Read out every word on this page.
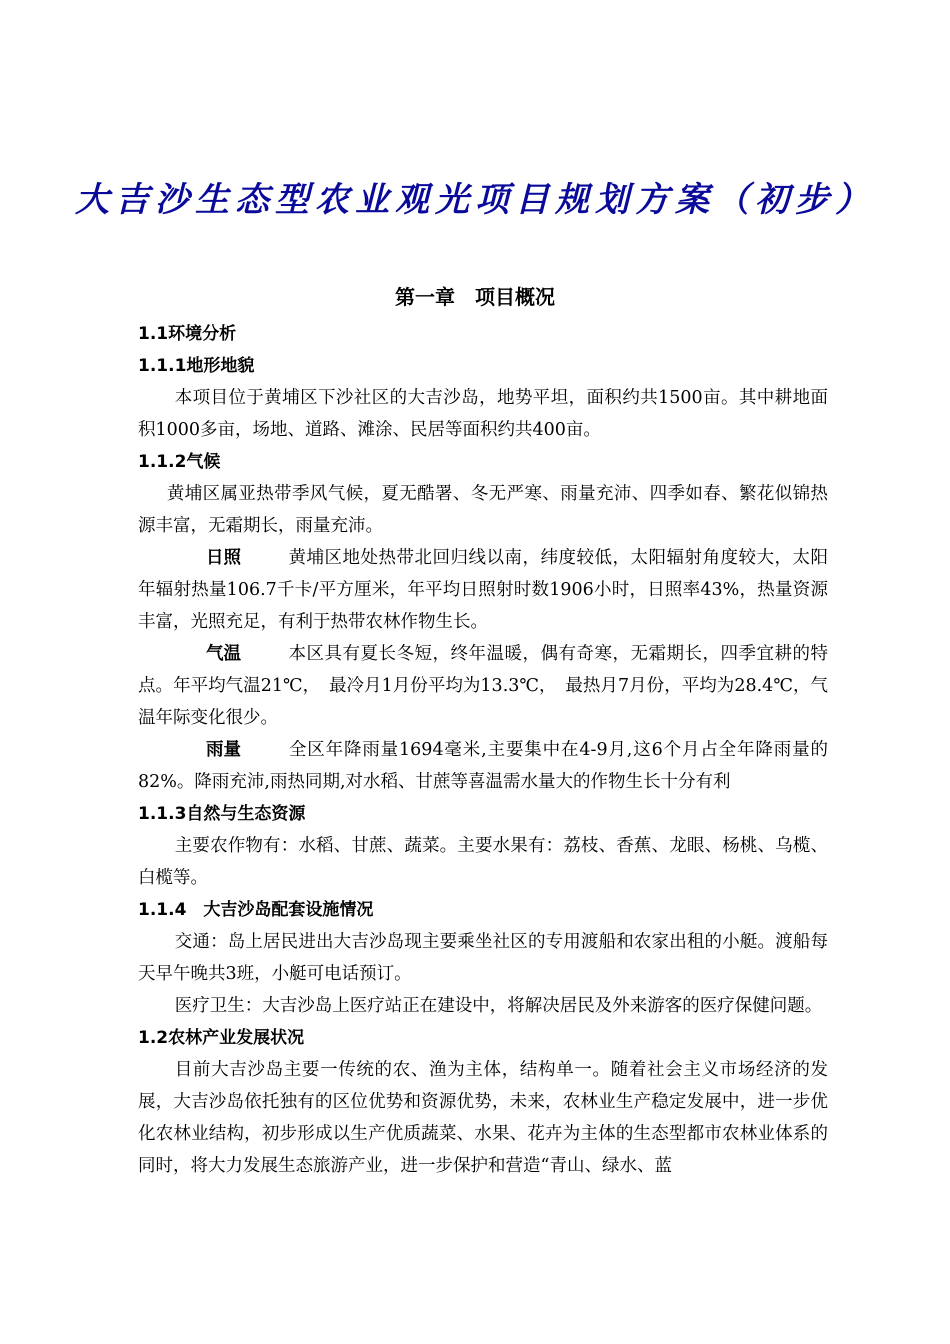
大吉沙生态型农业观光项目规划方案（初步）
第一章　项目概况

1.1环境分析

1.1.1地形地貌

本项目位于黄埔区下沙社区的大吉沙岛，地势平坦，面积约共1500亩。其中耕地面积1000多亩，场地、道路、滩涂、民居等面积约共400亩。

1.1.2气候

黄埔区属亚热带季风气候，夏无酷署、冬无严寒、雨量充沛、四季如春、繁花似锦热源丰富，无霜期长，雨量充沛。

日照	黄埔区地处热带北回归线以南，纬度较低，太阳辐射角度较大，太阳年辐射热量106.7千卡/平方厘米，年平均日照射时数1906小时，日照率43%，热量资源丰富，光照充足，有利于热带农林作物生长。

气温	本区具有夏长冬短，终年温暖，偶有奇寒，无霜期长，四季宜耕的特点。年平均气温21℃，　最冷月1月份平均为13.3℃，　最热月7月份，平均为28.4℃，气温年际变化很少。

雨量	全区年降雨量1694毫米,主要集中在4-9月,这6个月占全年降雨量的82%。降雨充沛,雨热同期,对水稻、甘蔗等喜温需水量大的作物生长十分有利

1.1.3自然与生态资源

主要农作物有：水稻、甘蔗、蔬菜。主要水果有：荔枝、香蕉、龙眼、杨桃、乌榄、白榄等。

1.1.4　大吉沙岛配套设施情况

交通：岛上居民进出大吉沙岛现主要乘坐社区的专用渡船和农家出租的小艇。渡船每天早午晚共3班，小艇可电话预订。

医疗卫生：大吉沙岛上医疗站正在建设中，将解决居民及外来游客的医疗保健问题。

1.2农林产业发展状况

目前大吉沙岛主要一传统的农、渔为主体，结构单一。随着社会主义市场经济的发展，大吉沙岛依托独有的区位优势和资源优势，未来，农林业生产稳定发展中，进一步优化农林业结构，初步形成以生产优质蔬菜、水果、花卉为主体的生态型都市农林业体系的同时，将大力发展生态旅游产业，进一步保护和营造“青山、绿水、蓝
